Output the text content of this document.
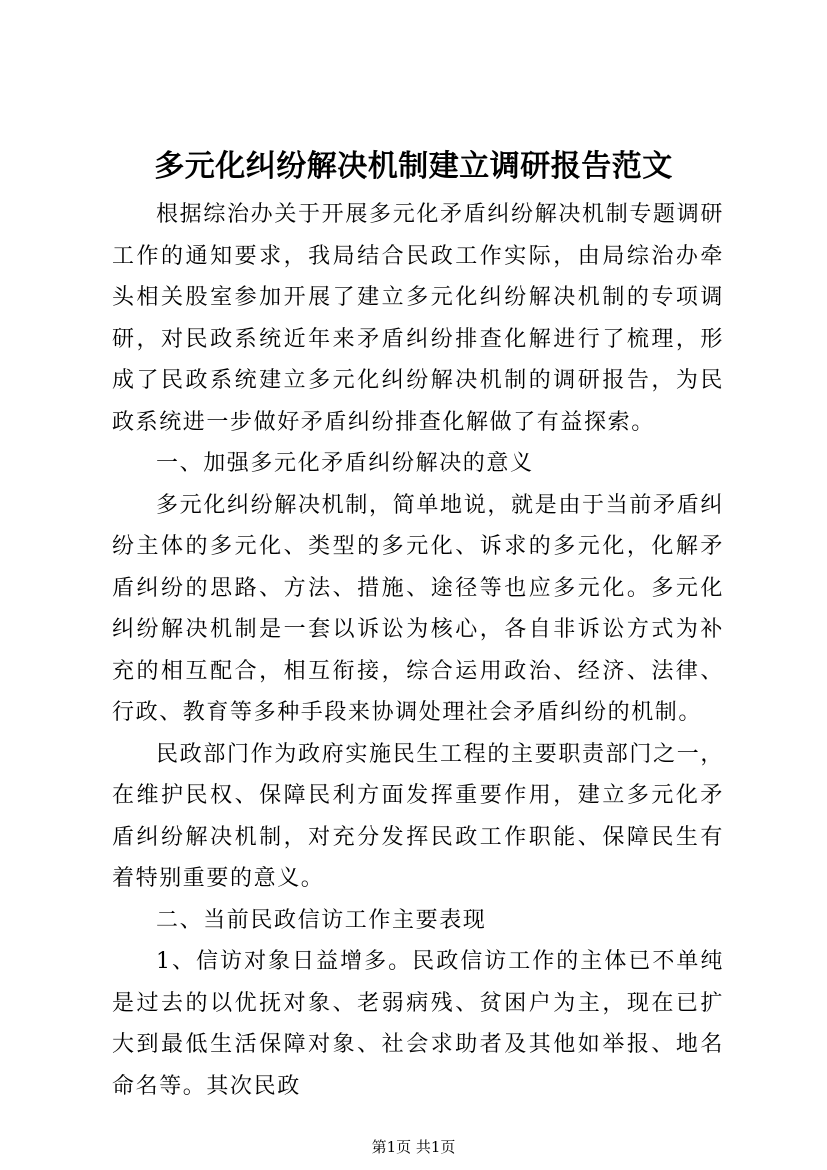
多元化纠纷解决机制建立调研报告范文

根据综治办关于开展多元化矛盾纠纷解决机制专题调研工作的通知要求，我局结合民政工作实际，由局综治办牵头相关股室参加开展了建立多元化纠纷解决机制的专项调研，对民政系统近年来矛盾纠纷排查化解进行了梳理，形成了民政系统建立多元化纠纷解决机制的调研报告，为民政系统进一步做好矛盾纠纷排查化解做了有益探索。

一、加强多元化矛盾纠纷解决的意义

多元化纠纷解决机制，简单地说，就是由于当前矛盾纠纷主体的多元化、类型的多元化、诉求的多元化，化解矛盾纠纷的思路、方法、措施、途径等也应多元化。多元化纠纷解决机制是一套以诉讼为核心，各自非诉讼方式为补充的相互配合，相互衔接，综合运用政治、经济、法律、行政、教育等多种手段来协调处理社会矛盾纠纷的机制。

民政部门作为政府实施民生工程的主要职责部门之一，在维护民权、保障民利方面发挥重要作用，建立多元化矛盾纠纷解决机制，对充分发挥民政工作职能、保障民生有着特别重要的意义。

二、当前民政信访工作主要表现

1、信访对象日益增多。民政信访工作的主体已不单纯是过去的以优抚对象、老弱病残、贫困户为主，现在已扩大到最低生活保障对象、社会求助者及其他如举报、地名命名等。其次民政

第1页 共1页
